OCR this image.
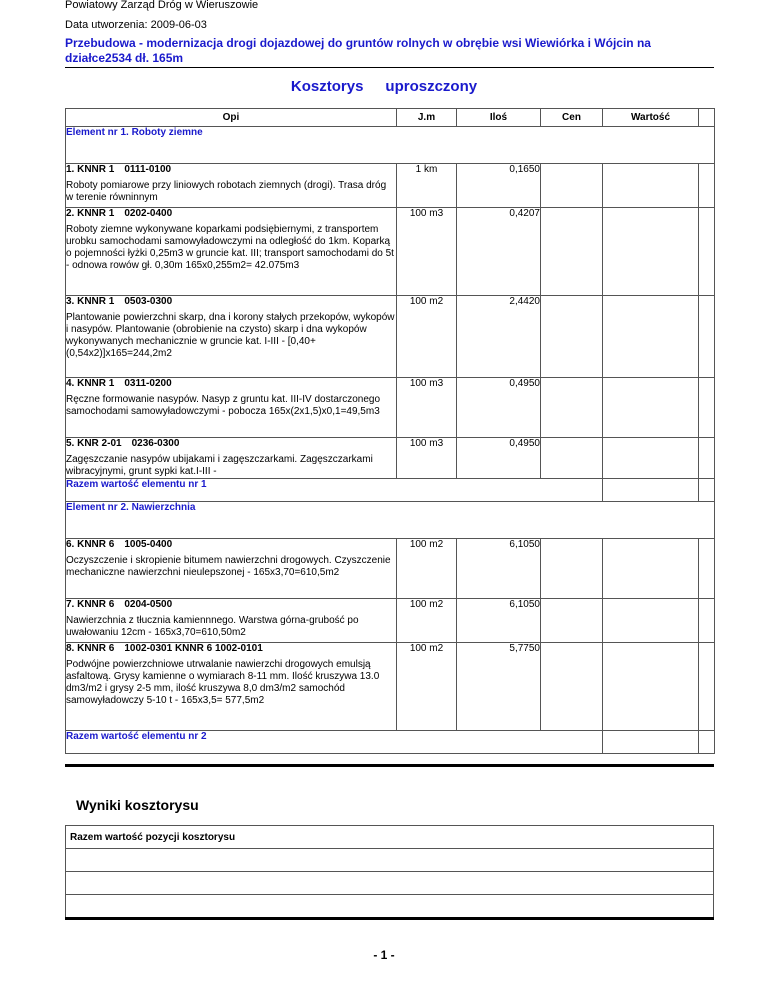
Powiatowy Zarząd Dróg w Wieruszowie
Data utworzenia: 2009-06-03
Przebudowa - modernizacja drogi dojazdowej do gruntów rolnych w obrębie wsi Wiewiórka i Wójcin na działce2534 dł. 165m
Kosztorys uproszczony
Opi	J.m	Iloś	Cen	Wartość	
Element nr 1. Roboty ziemne					

1. KNNR 1 0111-0100
Roboty pomiarowe przy liniowych robotach ziemnych (drogi). Trasa dróg w terenie równinnym	1 km	0,1650			

2. KNNR 1 0202-0400
Roboty ziemne wykonywane koparkami podsiębiernymi, z transportem urobku samochodami samowyładowczymi na odległość do 1km. Koparką o pojemności łyżki 0,25m3 w gruncie kat. III; transport samochodami do 5t - odnowa rowów gł. 0,30m 165x0,255m2= 42.075m3	100 m3	0,4207			

3. KNNR 1 0503-0300
Plantowanie powierzchni skarp, dna i korony stałych przekopów, wykopów i nasypów. Plantowanie (obrobienie na czysto) skarp i dna wykopów wykonywanych mechanicznie w gruncie kat. I-III - [0,40+(0,54x2)]x165=244,2m2	100 m2	2,4420			

4. KNNR 1 0311-0200
Ręczne formowanie nasypów. Nasyp z gruntu kat. III-IV dostarczonego samochodami samowyładowczymi - pobocza 165x(2x1,5)x0,1=49,5m3	100 m3	0,4950			

5. KNR 2-01 0236-0300
Zagęszczanie nasypów ubijakami i zagęszczarkami. Zagęszczarkami wibracyjnymi, grunt sypki kat.I-III -	100 m3	0,4950			
Razem wartość elementu nr 1					
Element nr 2. Nawierzchnia					

6. KNNR 6 1005-0400
Oczyszczenie i skropienie bitumem nawierzchni drogowych. Czyszczenie mechaniczne nawierzchni nieulepszonej - 165x3,70=610,5m2	100 m2	6,1050			

7. KNNR 6 0204-0500
Nawierzchnia z tłucznia kamiennnego. Warstwa górna-grubość po uwałowaniu 12cm - 165x3,70=610,50m2	100 m2	6,1050			

8. KNNR 6 1002-0301 KNNR 6 1002-0101
Podwójne powierzchniowe utrwalanie nawierzchi drogowych emulsją asfaltową. Grysy kamienne o wymiarach 8-11 mm. Ilość kruszywa 13.0 dm3/m2 i grysy 2-5 mm, ilość kruszywa 8,0 dm3/m2 samochód samowyładowczy 5-10 t - 165x3,5= 577,5m2	100 m2	5,7750			
Razem wartość elementu nr 2					
Wyniki kosztorysu
Razem wartość pozycji kosztorysu

- 1 -
